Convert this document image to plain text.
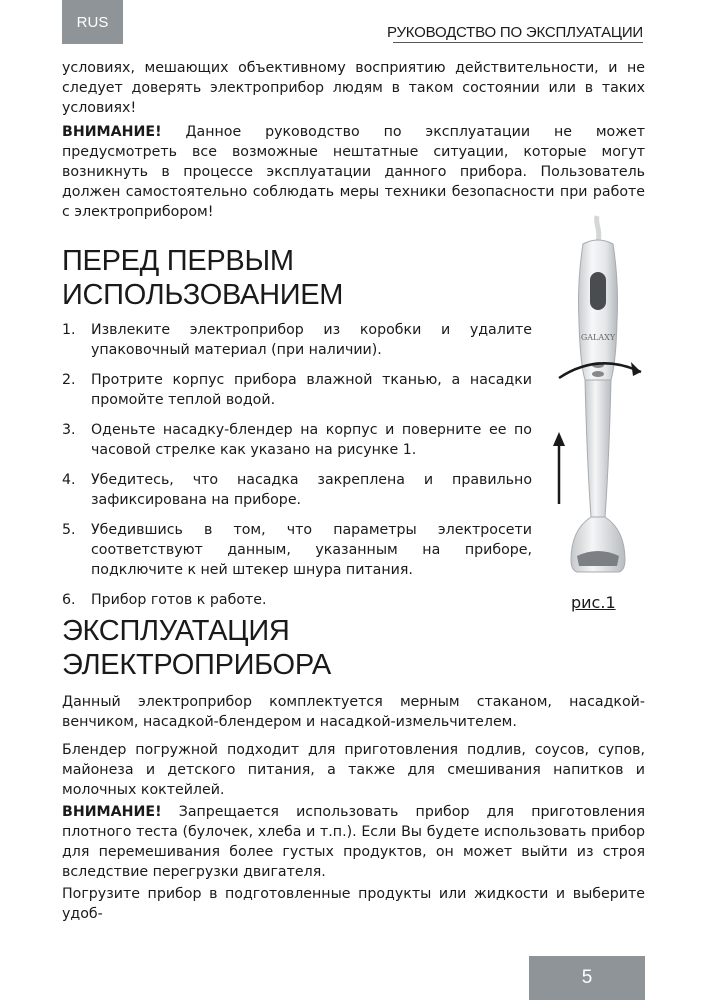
RUS
РУКОВОДСТВО ПО ЭКСПЛУАТАЦИИ

условиях, мешающих объективному восприятию действительности, и не следует доверять электроприбор людям в таком состоянии или в таких условиях!

ВНИМАНИЕ! Данное руководство по эксплуатации не может предусмотреть все возможные нештатные ситуации, которые могут возникнуть в процессе эксплуатации данного прибора. Пользователь должен самостоятельно соблюдать меры техники безопасности при работе с электроприбором!

ПЕРЕД ПЕРВЫМ
ИСПОЛЬЗОВАНИЕМ
1. Извлеките электроприбор из коробки и удалите упаковочный материал (при наличии).
2. Протрите корпус прибора влажной тканью, а насадки промойте теплой водой.
3. Оденьте насадку-блендер на корпус и поверните ее по часовой стрелке как указано на рисунке 1.
4. Убедитесь, что насадка закреплена и правильно зафиксирована на приборе.
5. Убедившись в том, что параметры электросети соответствуют данным, указанным на приборе, подключите к ней штекер шнура питания.
6. Прибор готов к работе.
GALAXY
рис.1
ЭКСПЛУАТАЦИЯ
ЭЛЕКТРОПРИБОРА

Данный электроприбор комплектуется мерным стаканом, насадкой-венчиком, насадкой-блендером и насадкой-измельчителем.

Блендер погружной подходит для приготовления подлив, соусов, супов, майонеза и детского питания, а также для смешивания напитков и молочных коктейлей.

ВНИМАНИЕ! Запрещается использовать прибор для приготовления плотного теста (булочек, хлеба и т.п.). Если Вы будете использовать прибор для перемешивания более густых продуктов, он может выйти из строя вследствие перегрузки двигателя.

Погрузите прибор в подготовленные продукты или жидкости и выберите удоб-

5
